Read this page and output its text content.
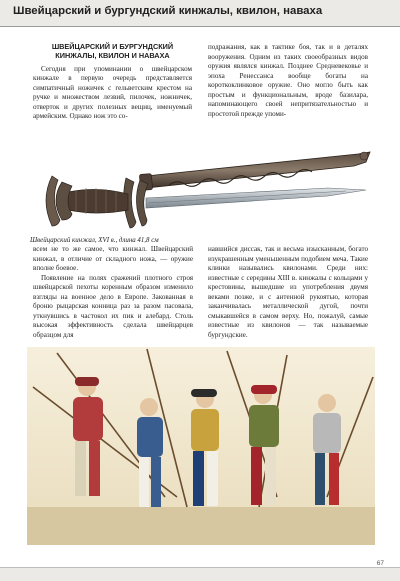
Швейцарский и бургундский кинжалы, квилон, наваха
ШВЕЙЦАРСКИЙ И БУРГУНДСКИЙ
КИНЖАЛЫ, КВИЛОН И НАВАХА

Сегодня при упоминании о швейцарском кинжале в первую очередь представляется симпатичный ножичек с гельветским крестом на ручке и множеством лезвий, пилочек, ножничек, отверток и других полезных вещиц, именуемый армейским. Однако нож это со-

подражания, как в тактике боя, так и в деталях вооружения. Одним из таких своеобразных видов оружия являлся кинжал. Позднее Средневековье и эпоха Ренессанса вообще богаты на короткоклинковое оружие. Оно могло быть как простым и функциональным, вроде базилара, напоминающего своей непритязательностью и простотой прежде упоми-

Швейцарский кинжал, XVI в., длина 41,8 см

всем не то же самое, что кинжал. Швейцарский кинжал, в отличие от складного ножа, — оружие вполне боевое.

Появление на полях сражений плотного строя швейцарской пехоты коренным образом изменило взгляды на военное дело в Европе. Закованная в броню рыцарская конница раз за разом пасовала, уткнувшись в частокол их пик и алебард. Столь высокая эффективность сделала швейцарцев образцом для

навшийся диссак, так и весьма изысканным, богато изукрашенным уменьшенным подобием меча. Такие клинки назывались квилонами. Среди них: известные с середины XIII в. кинжалы с кольцами у крестовины, вышедшие из употребления двумя веками позже, и с антенной рукоятью, которая заканчивалась металлической дугой, почти смыкавшейся в самом верху. Но, пожалуй, самые известные из квилонов — так называемые бургундские.

67
